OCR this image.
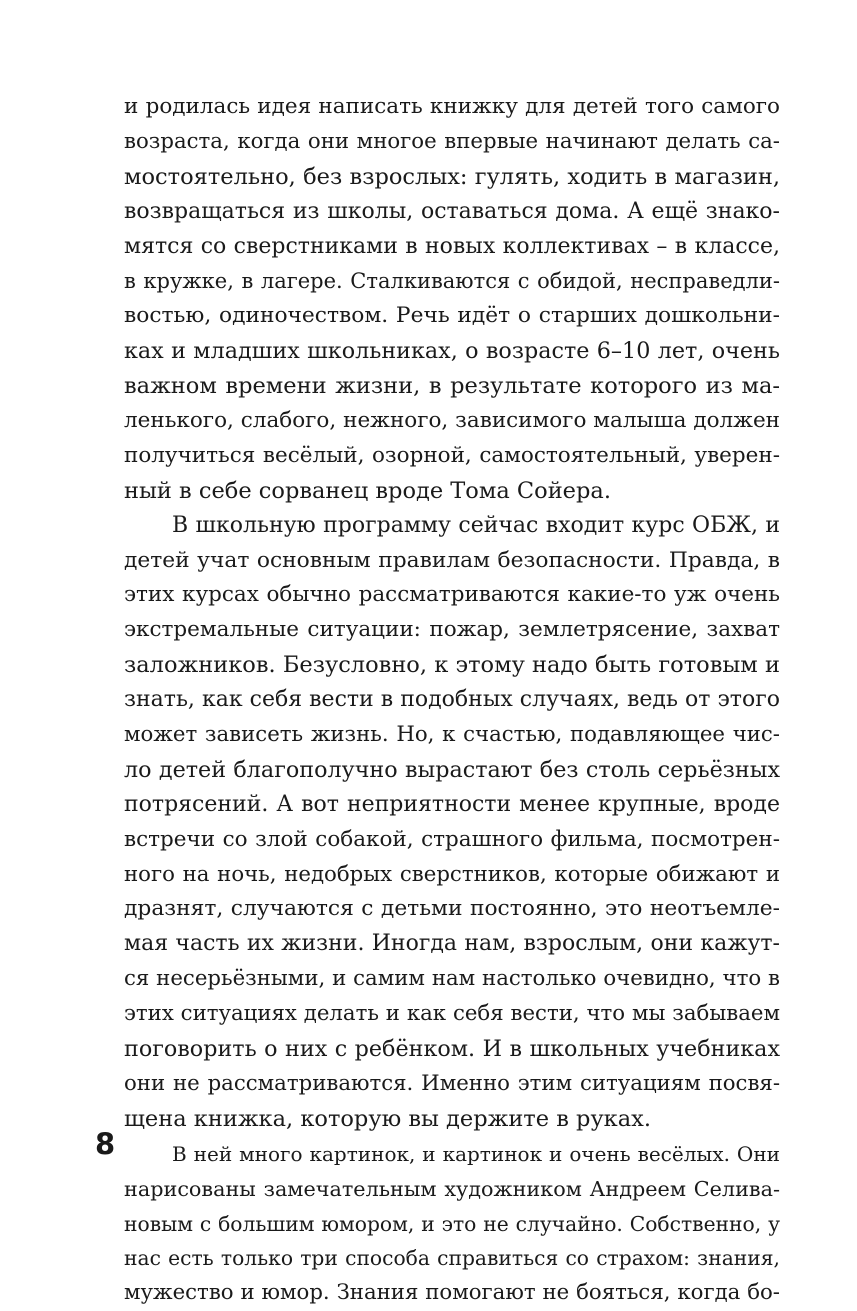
и родилась идея написать книжку для детей того самого
возраста, когда они многое впервые начинают делать са-
мостоятельно, без взрослых: гулять, ходить в магазин,
возвращаться из школы, оставаться дома. А ещё знако-
мятся со сверстниками в новых коллективах – в классе,
в кружке, в лагере. Сталкиваются с обидой, несправедли-
востью, одиночеством. Речь идёт о старших дошкольни-
ках и младших школьниках, о возрасте 6–10 лет, очень
важном времени жизни, в результате которого из ма-
ленького, слабого, нежного, зависимого малыша должен
получиться весёлый, озорной, самостоятельный, уверен-
ный в себе сорванец вроде Тома Сойера.
В школьную программу сейчас входит курс ОБЖ, и
детей учат основным правилам безопасности. Правда, в
этих курсах обычно рассматриваются какие-то уж очень
экстремальные ситуации: пожар, землетрясение, захват
заложников. Безусловно, к этому надо быть готовым и
знать, как себя вести в подобных случаях, ведь от этого
может зависеть жизнь. Но, к счастью, подавляющее чис-
ло детей благополучно вырастают без столь серьёзных
потрясений. А вот неприятности менее крупные, вроде
встречи со злой собакой, страшного фильма, посмотрен-
ного на ночь, недобрых сверстников, которые обижают и
дразнят, случаются с детьми постоянно, это неотъемле-
мая часть их жизни. Иногда нам, взрослым, они кажут-
ся несерьёзными, и самим нам настолько очевидно, что в
этих ситуациях делать и как себя вести, что мы забываем
поговорить о них с ребёнком. И в школьных учебниках
они не рассматриваются. Именно этим ситуациям посвя-
щена книжка, которую вы держите в руках.
В ней много картинок, и картинок и очень весёлых. Они
нарисованы замечательным художником Андреем Селива-
новым с большим юмором, и это не случайно. Собственно, у
нас есть только три способа справиться со страхом: знания,
мужество и юмор. Знания помогают не бояться, когда бо-
8
